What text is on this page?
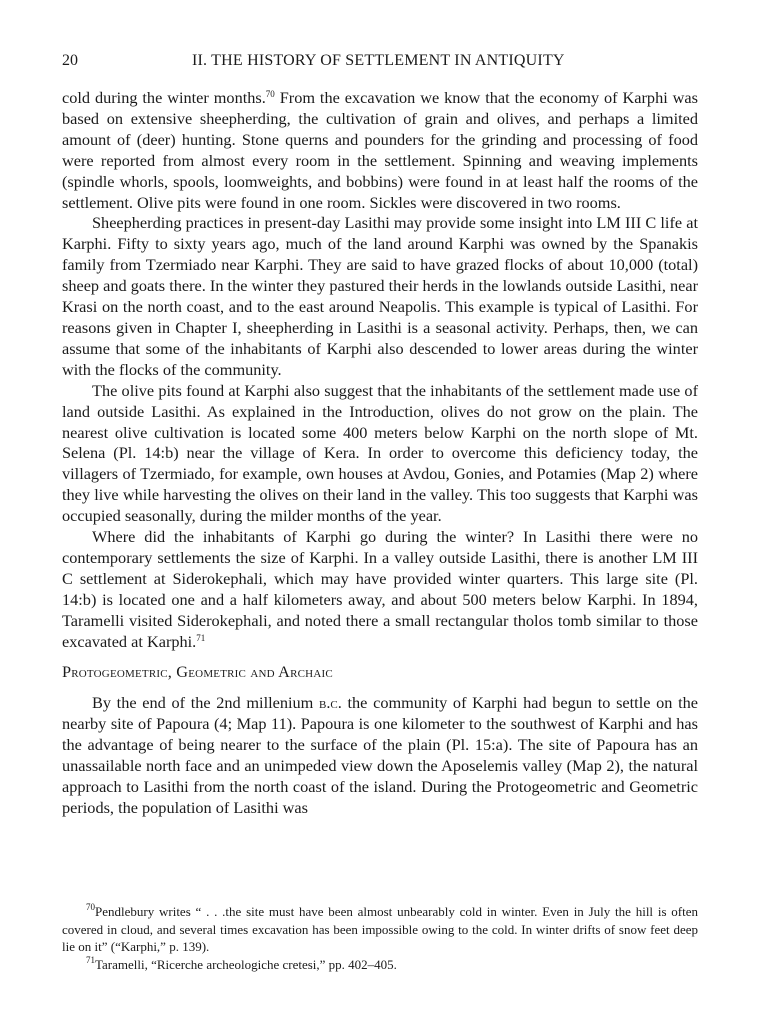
20	II. THE HISTORY OF SETTLEMENT IN ANTIQUITY

cold during the winter months.$^{70}$ From the excavation we know that the economy of Karphi was based on extensive sheepherding, the cultivation of grain and olives, and perhaps a limited amount of (deer) hunting. Stone querns and pounders for the grinding and processing of food were reported from almost every room in the settlement. Spinning and weaving implements (spindle whorls, spools, loomweights, and bobbins) were found in at least half the rooms of the settlement. Olive pits were found in one room. Sickles were discovered in two rooms.

Sheepherding practices in present-day Lasithi may provide some insight into LM III C life at Karphi. Fifty to sixty years ago, much of the land around Karphi was owned by the Spanakis family from Tzermiado near Karphi. They are said to have grazed flocks of about 10,000 (total) sheep and goats there. In the winter they pastured their herds in the lowlands outside Lasithi, near Krasi on the north coast, and to the east around Neapolis. This example is typical of Lasithi. For reasons given in Chapter I, sheepherding in Lasithi is a seasonal activity. Perhaps, then, we can assume that some of the inhabitants of Karphi also descended to lower areas during the winter with the flocks of the community.

The olive pits found at Karphi also suggest that the inhabitants of the settlement made use of land outside Lasithi. As explained in the Introduction, olives do not grow on the plain. The nearest olive cultivation is located some 400 meters below Karphi on the north slope of Mt. Selena (Pl. 14:b) near the village of Kera. In order to overcome this deficiency today, the villagers of Tzermiado, for example, own houses at Avdou, Gonies, and Potamies (Map 2) where they live while harvesting the olives on their land in the valley. This too suggests that Karphi was occupied seasonally, during the milder months of the year.

Where did the inhabitants of Karphi go during the winter? In Lasithi there were no contemporary settlements the size of Karphi. In a valley outside Lasithi, there is another LM III C settlement at Siderokephali, which may have provided winter quarters. This large site (Pl. 14:b) is located one and a half kilometers away, and about 500 meters below Karphi. In 1894, Taramelli visited Siderokephali, and noted there a small rectangular tholos tomb similar to those excavated at Karphi.$^{71}$

Protogeometric, Geometric and Archaic

By the end of the 2nd millenium b.c. the community of Karphi had begun to settle on the nearby site of Papoura (4; Map 11). Papoura is one kilometer to the southwest of Karphi and has the advantage of being nearer to the surface of the plain (Pl. 15:a). The site of Papoura has an unassailable north face and an unimpeded view down the Aposelemis valley (Map 2), the natural approach to Lasithi from the north coast of the island. During the Protogeometric and Geometric periods, the population of Lasithi was

$^{70}$Pendlebury writes “ . . .the site must have been almost unbearably cold in winter. Even in July the hill is often covered in cloud, and several times excavation has been impossible owing to the cold. In winter drifts of snow feet deep lie on it” (“Karphi,” p. 139).

$^{71}$Taramelli, “Ricerche archeologiche cretesi,” pp. 402–405.
